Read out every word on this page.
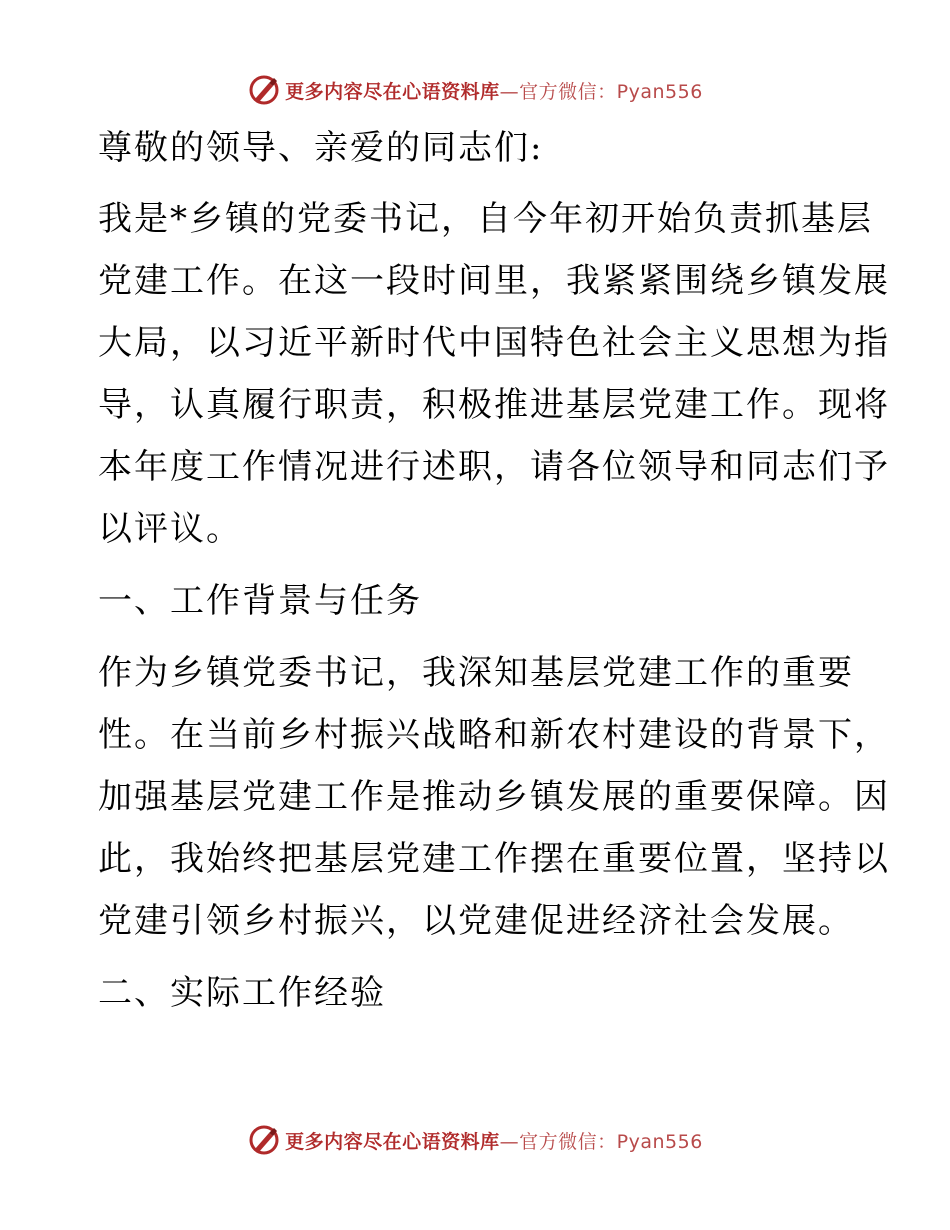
更多内容尽在心语资料库—官方微信：Pyan556
尊敬的领导、亲爱的同志们:
我是*乡镇的党委书记，自今年初开始负责抓基层
党建工作。在这一段时间里，我紧紧围绕乡镇发展
大局，以习近平新时代中国特色社会主义思想为指
导，认真履行职责，积极推进基层党建工作。现将
本年度工作情况进行述职，请各位领导和同志们予
以评议。
一、工作背景与任务
作为乡镇党委书记，我深知基层党建工作的重要
性。在当前乡村振兴战略和新农村建设的背景下，
加强基层党建工作是推动乡镇发展的重要保障。因
此，我始终把基层党建工作摆在重要位置，坚持以
党建引领乡村振兴，以党建促进经济社会发展。
二、实际工作经验
更多内容尽在心语资料库—官方微信：Pyan556
